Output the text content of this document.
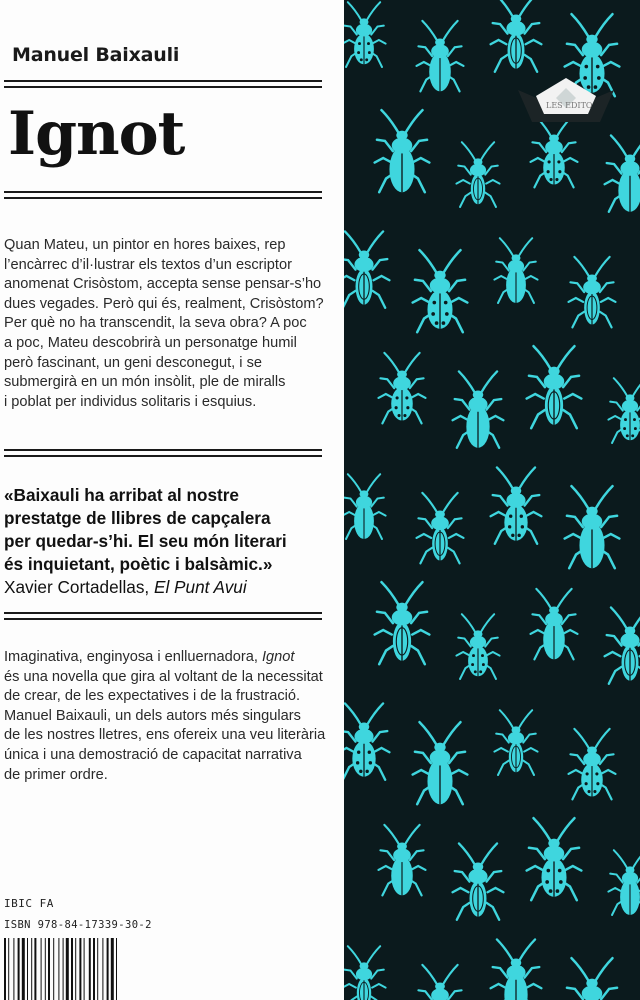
Manuel Baixauli
Ignot

Quan Mateu, un pintor en hores baixes, rep
l’encàrrec d’il·lustrar els textos d’un escriptor
anomenat Crisòstom, accepta sense pensar-s’ho
dues vegades. Però qui és, realment, Crisòstom?
Per què no ha transcendit, la seva obra? A poc
a poc, Mateu descobrirà un personatge humil
però fascinant, un geni desconegut, i se
submergirà en un món insòlit, ple de miralls
i poblat per individus solitaris i esquius.

«Baixauli ha arribat al nostre
prestatge de llibres de capçalera
per quedar-s’hi. El seu món literari
és inquietant, poètic i balsàmic.»
Xavier Cortadellas, El Punt Avui

Imaginativa, enginyosa i enlluernadora, Ignot
és una novella que gira al voltant de la necessitat
de crear, de les expectatives i de la frustració.
Manuel Baixauli, un dels autors més singulars
de les nostres lletres, ens ofereix una veu literària
única i una demostració de capacitat narrativa
de primer ordre.

IBIC FA
ISBN 978-84-17339-30-2
LES EDITO
